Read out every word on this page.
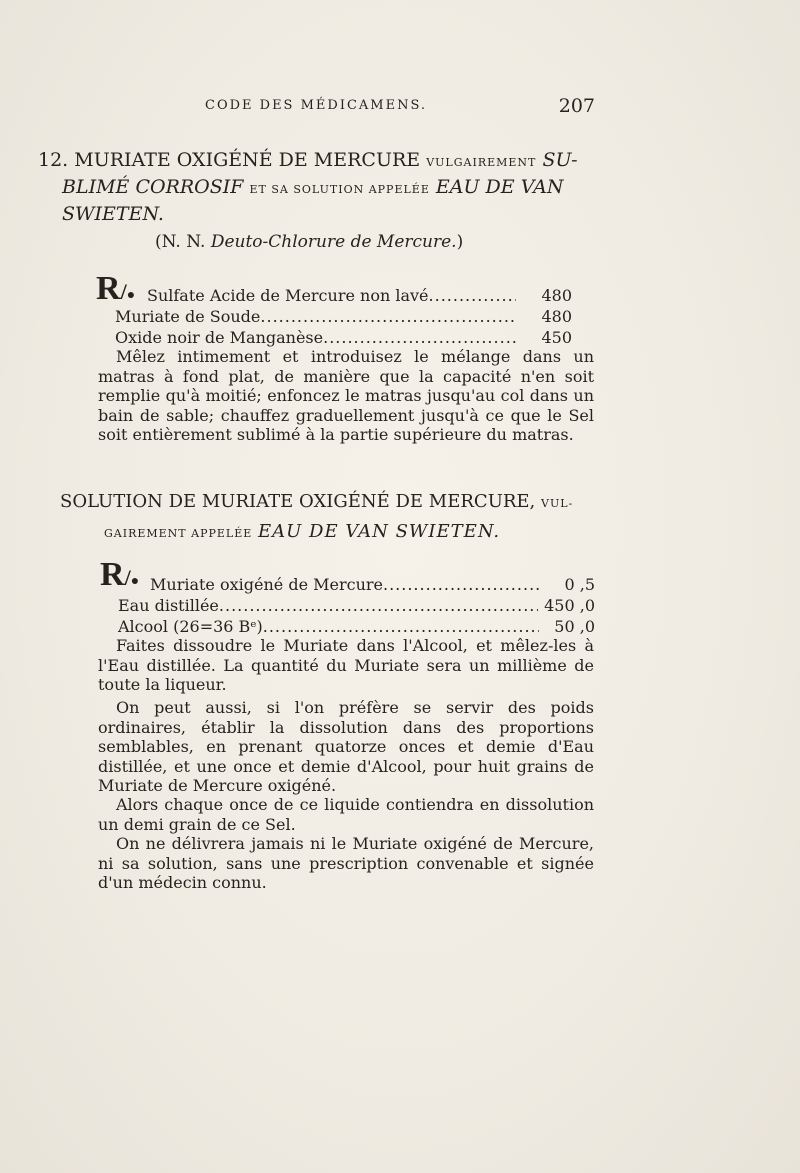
CODE DES MÉDICAMENS.	207
12. MURIATE OXIGÉNÉ DE MERCURE VULGAIREMENT SU-
BLIMÉ CORROSIF ET SA SOLUTION APPELÉE EAU DE VAN
SWIETEN.
(N. N. Deuto-Chlorure de Mercure.)
R/● Sulfate Acide de Mercure non lavé .....	480
Muriate de Soude .....	480
Oxide noir de Manganèse .....	450

Mêlez intimement et introduisez le mélange dans un matras à fond plat, de manière que la capacité n'en soit remplie qu'à moitié; enfoncez le matras jusqu'au col dans un bain de sable; chauffez graduellement jusqu'à ce que le Sel soit entièrement sublimé à la partie supérieure du matras.

SOLUTION DE MURIATE OXIGÉNÉ DE MERCURE, VUL-
GAIREMENT APPELÉE EAU DE VAN SWIETEN.
R/● Muriate oxigéné de Mercure .....	0 ,5
Eau distillée .....	450 ,0
Alcool (26=36 Bᵉ) .....	50 ,0

Faites dissoudre le Muriate dans l'Alcool, et mêlez-les à l'Eau distillée. La quantité du Muriate sera un millième de toute la liqueur.

On peut aussi, si l'on préfère se servir des poids ordinaires, établir la dissolution dans des proportions semblables, en prenant quatorze onces et demie d'Eau distillée, et une once et demie d'Alcool, pour huit grains de Muriate de Mercure oxigéné.

Alors chaque once de ce liquide contiendra en dissolution un demi grain de ce Sel.

On ne délivrera jamais ni le Muriate oxigéné de Mercure, ni sa solution, sans une prescription convenable et signée d'un médecin connu.
